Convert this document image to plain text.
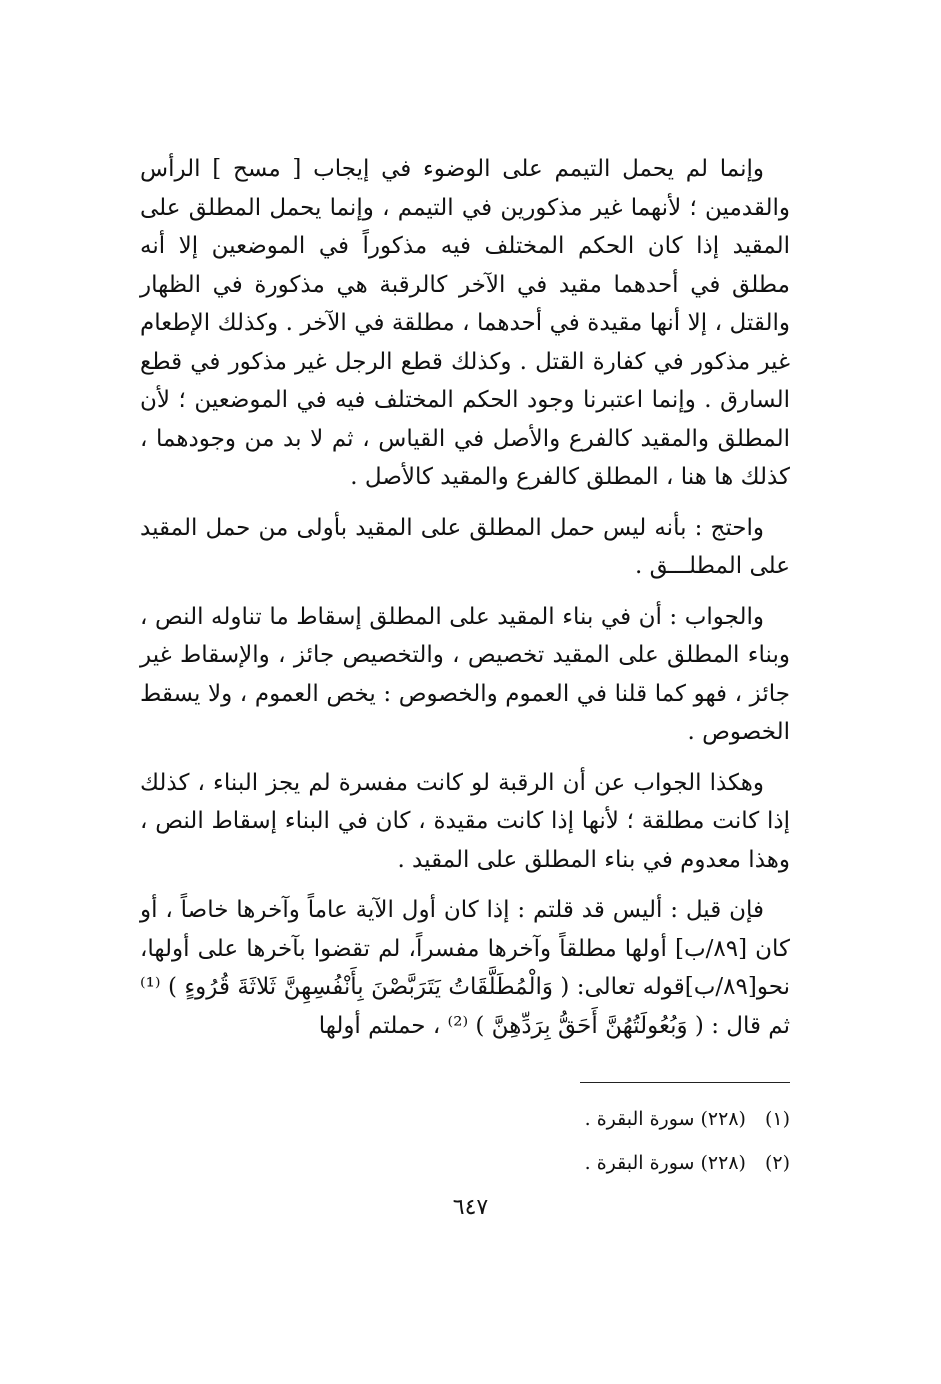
وإنما لم يحمل التيمم على الوضوء في إيجاب [ مسح ] الرأس والقدمين ؛ لأنهما غير مذكورين في التيمم ، وإنما يحمل المطلق على المقيد إذا كان الحكم المختلف فيه مذكوراً في الموضعين إلا أنه مطلق في أحدهما مقيد في الآخر كالرقبة هي مذكورة في الظهار والقتل ، إلا أنها مقيدة في أحدهما ، مطلقة في الآخر . وكذلك الإطعام غير مذكور في كفارة القتل . وكذلك قطع الرجل غير مذكور في قطع السارق . وإنما اعتبرنا وجود الحكم المختلف فيه في الموضعين ؛ لأن المطلق والمقيد كالفرع والأصل في القياس ، ثم لا بد من وجودهما ، كذلك ها هنا ، المطلق كالفرع والمقيد كالأصل .

واحتج : بأنه ليس حمل المطلق على المقيد بأولى من حمل المقيد على المطلـــق .

والجواب : أن في بناء المقيد على المطلق إسقاط ما تناوله النص ، وبناء المطلق على المقيد تخصيص ، والتخصيص جائز ، والإسقاط غير جائز ، فهو كما قلنا في العموم والخصوص : يخص العموم ، ولا يسقط الخصوص .

وهكذا الجواب عن أن الرقبة لو كانت مفسرة لم يجز البناء ، كذلك إذا كانت مطلقة ؛ لأنها إذا كانت مقيدة ، كان في البناء إسقاط النص ، وهذا معدوم في بناء المطلق على المقيد .

فإن قيل : أليس قد قلتم : إذا كان أول الآية عاماً وآخرها خاصاً ، أو كان [٨٩/ب] أولها مطلقاً وآخرها مفسراً، لم تقضوا بآخرها على أولها، نحو[٨٩/ب]قوله تعالى: ( وَالْمُطَلَّقَاتُ يَتَرَبَّصْنَ بِأَنْفُسِهِنَّ ثَلاثَةَ قُرُوءٍ ) ⁽¹⁾ ثم قال : ( وَبُعُولَتُهُنَّ أَحَقُّ بِرَدِّهِنَّ ) ⁽²⁾ ، حملتم أولها

(١) (٢٢٨) سورة البقرة .

(٢) (٢٢٨) سورة البقرة .

٦٤٧
